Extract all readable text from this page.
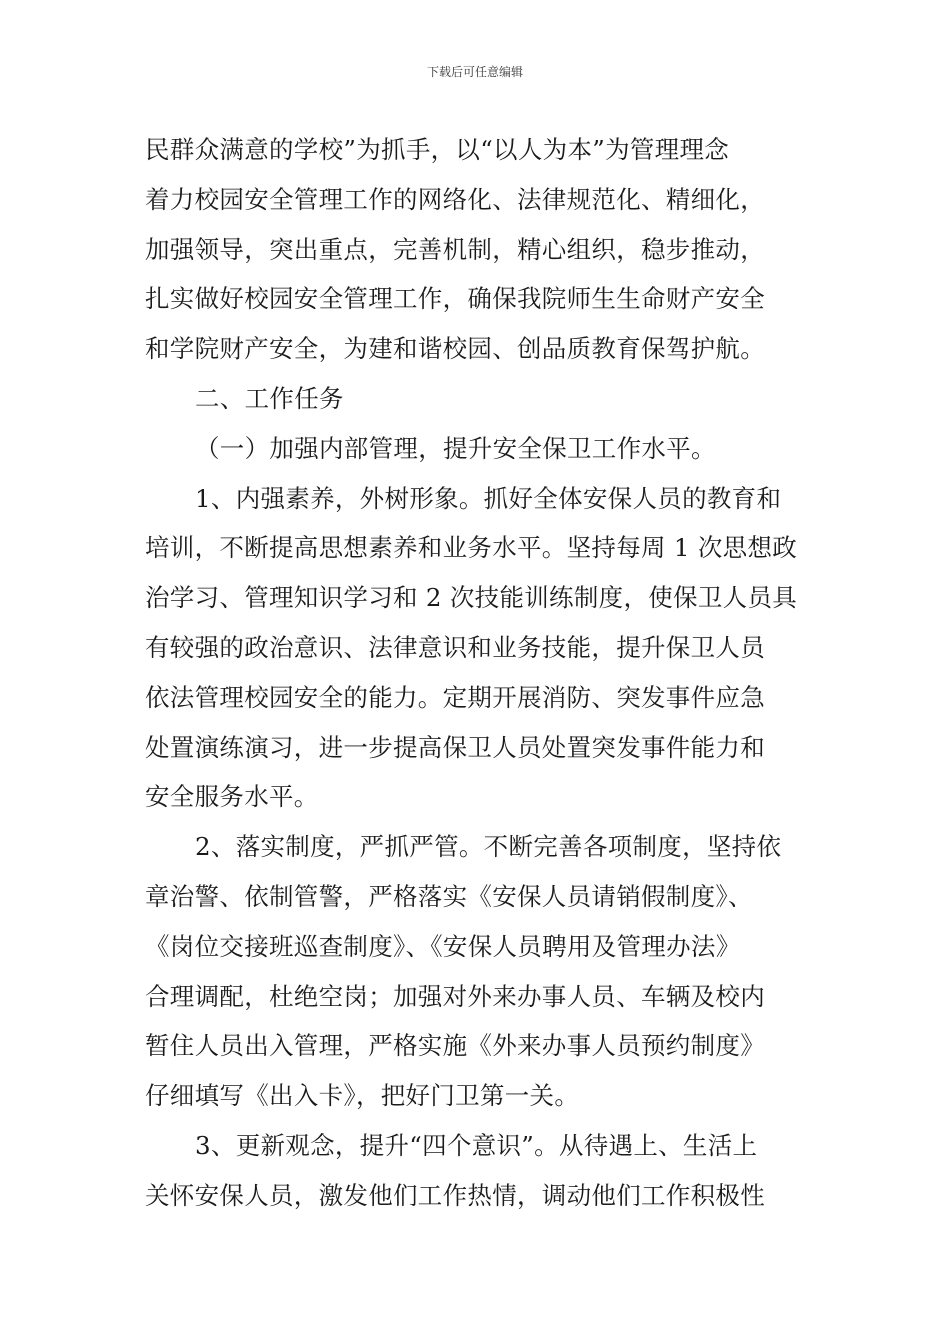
下载后可任意编辑
民群众满意的学校”为抓手，以“以人为本”为管理理念
着力校园安全管理工作的网络化、法律规范化、精细化，
加强领导，突出重点，完善机制，精心组织，稳步推动，
扎实做好校园安全管理工作，确保我院师生生命财产安全
和学院财产安全，为建和谐校园、创品质教育保驾护航。
二、工作任务
（一）加强内部管理，提升安全保卫工作水平。
1、内强素养，外树形象。抓好全体安保人员的教育和
培训，不断提高思想素养和业务水平。坚持每周 1 次思想政
治学习、管理知识学习和 2 次技能训练制度，使保卫人员具
有较强的政治意识、法律意识和业务技能，提升保卫人员
依法管理校园安全的能力。定期开展消防、突发事件应急
处置演练演习，进一步提高保卫人员处置突发事件能力和
安全服务水平。
2、落实制度，严抓严管。不断完善各项制度，坚持依
章治警、依制管警，严格落实《安保人员请销假制度》、
《岗位交接班巡查制度》、《安保人员聘用及管理办法》
合理调配，杜绝空岗；加强对外来办事人员、车辆及校内
暂住人员出入管理，严格实施《外来办事人员预约制度》
仔细填写《出入卡》，把好门卫第一关。
3、更新观念，提升“四个意识”。从待遇上、生活上
关怀安保人员，激发他们工作热情，调动他们工作积极性
